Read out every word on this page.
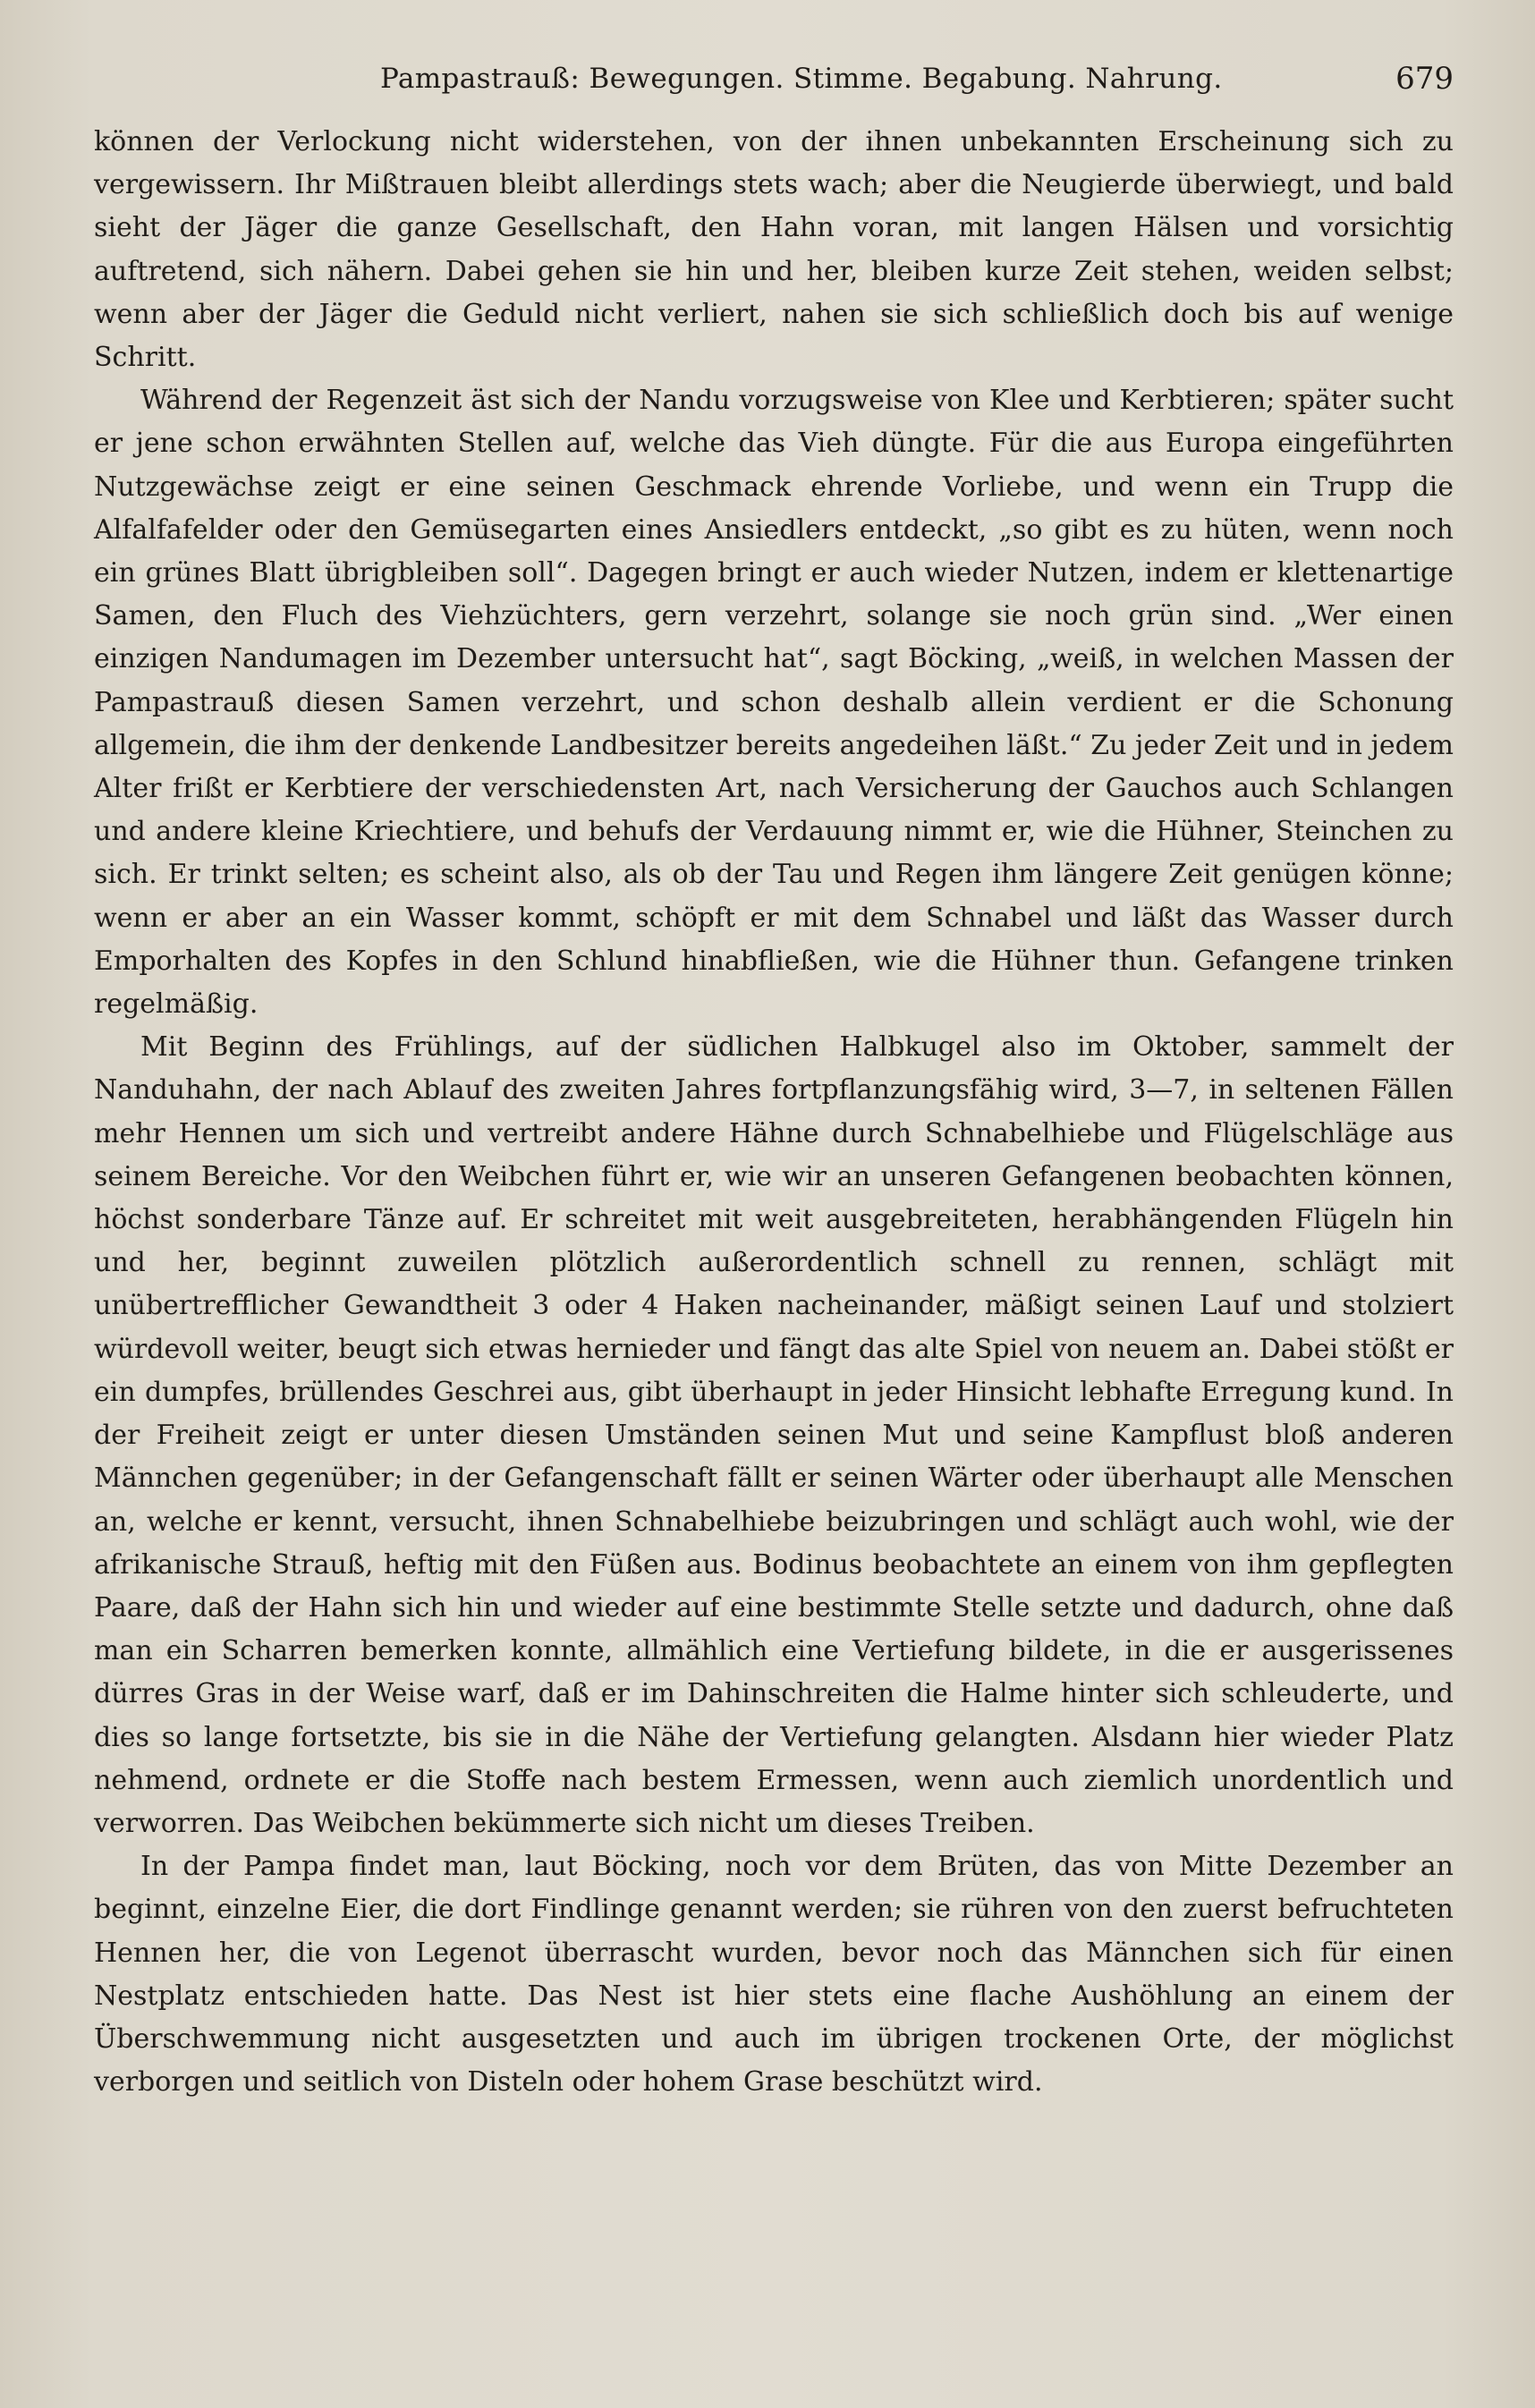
Pampastrauß: Bewegungen. Stimme. Begabung. Nahrung.	679

können der Verlockung nicht widerstehen, von der ihnen unbekannten Erscheinung sich zu vergewissern. Ihr Mißtrauen bleibt allerdings stets wach; aber die Neugierde überwiegt, und bald sieht der Jäger die ganze Gesellschaft, den Hahn voran, mit langen Hälsen und vorsichtig auftretend, sich nähern. Dabei gehen sie hin und her, bleiben kurze Zeit stehen, weiden selbst; wenn aber der Jäger die Geduld nicht verliert, nahen sie sich schließlich doch bis auf wenige Schritt.

Während der Regenzeit äst sich der Nandu vorzugsweise von Klee und Kerbtieren; später sucht er jene schon erwähnten Stellen auf, welche das Vieh düngte. Für die aus Europa eingeführten Nutzgewächse zeigt er eine seinen Geschmack ehrende Vorliebe, und wenn ein Trupp die Alfalfafelder oder den Gemüsegarten eines Ansiedlers entdeckt, „so gibt es zu hüten, wenn noch ein grünes Blatt übrigbleiben soll“. Dagegen bringt er auch wieder Nutzen, indem er klettenartige Samen, den Fluch des Viehzüchters, gern verzehrt, solange sie noch grün sind. „Wer einen einzigen Nandumagen im Dezember untersucht hat“, sagt Böcking, „weiß, in welchen Massen der Pampastrauß diesen Samen verzehrt, und schon deshalb allein verdient er die Schonung allgemein, die ihm der denkende Landbesitzer bereits angedeihen läßt.“ Zu jeder Zeit und in jedem Alter frißt er Kerbtiere der verschiedensten Art, nach Versicherung der Gauchos auch Schlangen und andere kleine Kriechtiere, und behufs der Verdauung nimmt er, wie die Hühner, Steinchen zu sich. Er trinkt selten; es scheint also, als ob der Tau und Regen ihm längere Zeit genügen könne; wenn er aber an ein Wasser kommt, schöpft er mit dem Schnabel und läßt das Wasser durch Emporhalten des Kopfes in den Schlund hinabfließen, wie die Hühner thun. Gefangene trinken regelmäßig.

Mit Beginn des Frühlings, auf der südlichen Halbkugel also im Oktober, sammelt der Nanduhahn, der nach Ablauf des zweiten Jahres fortpflanzungsfähig wird, 3—7, in seltenen Fällen mehr Hennen um sich und vertreibt andere Hähne durch Schnabelhiebe und Flügelschläge aus seinem Bereiche. Vor den Weibchen führt er, wie wir an unseren Gefangenen beobachten können, höchst sonderbare Tänze auf. Er schreitet mit weit ausgebreiteten, herabhängenden Flügeln hin und her, beginnt zuweilen plötzlich außerordentlich schnell zu rennen, schlägt mit unübertrefflicher Gewandtheit 3 oder 4 Haken nacheinander, mäßigt seinen Lauf und stolziert würdevoll weiter, beugt sich etwas hernieder und fängt das alte Spiel von neuem an. Dabei stößt er ein dumpfes, brüllendes Geschrei aus, gibt überhaupt in jeder Hinsicht lebhafte Erregung kund. In der Freiheit zeigt er unter diesen Umständen seinen Mut und seine Kampflust bloß anderen Männchen gegenüber; in der Gefangenschaft fällt er seinen Wärter oder überhaupt alle Menschen an, welche er kennt, versucht, ihnen Schnabelhiebe beizubringen und schlägt auch wohl, wie der afrikanische Strauß, heftig mit den Füßen aus. Bodinus beobachtete an einem von ihm gepflegten Paare, daß der Hahn sich hin und wieder auf eine bestimmte Stelle setzte und dadurch, ohne daß man ein Scharren bemerken konnte, allmählich eine Vertiefung bildete, in die er ausgerissenes dürres Gras in der Weise warf, daß er im Dahinschreiten die Halme hinter sich schleuderte, und dies so lange fortsetzte, bis sie in die Nähe der Vertiefung gelangten. Alsdann hier wieder Platz nehmend, ordnete er die Stoffe nach bestem Ermessen, wenn auch ziemlich unordentlich und verworren. Das Weibchen bekümmerte sich nicht um dieses Treiben.

In der Pampa findet man, laut Böcking, noch vor dem Brüten, das von Mitte Dezember an beginnt, einzelne Eier, die dort Findlinge genannt werden; sie rühren von den zuerst befruchteten Hennen her, die von Legenot überrascht wurden, bevor noch das Männchen sich für einen Nestplatz entschieden hatte. Das Nest ist hier stets eine flache Aushöhlung an einem der Überschwemmung nicht ausgesetzten und auch im übrigen trockenen Orte, der möglichst verborgen und seitlich von Disteln oder hohem Grase beschützt wird.
